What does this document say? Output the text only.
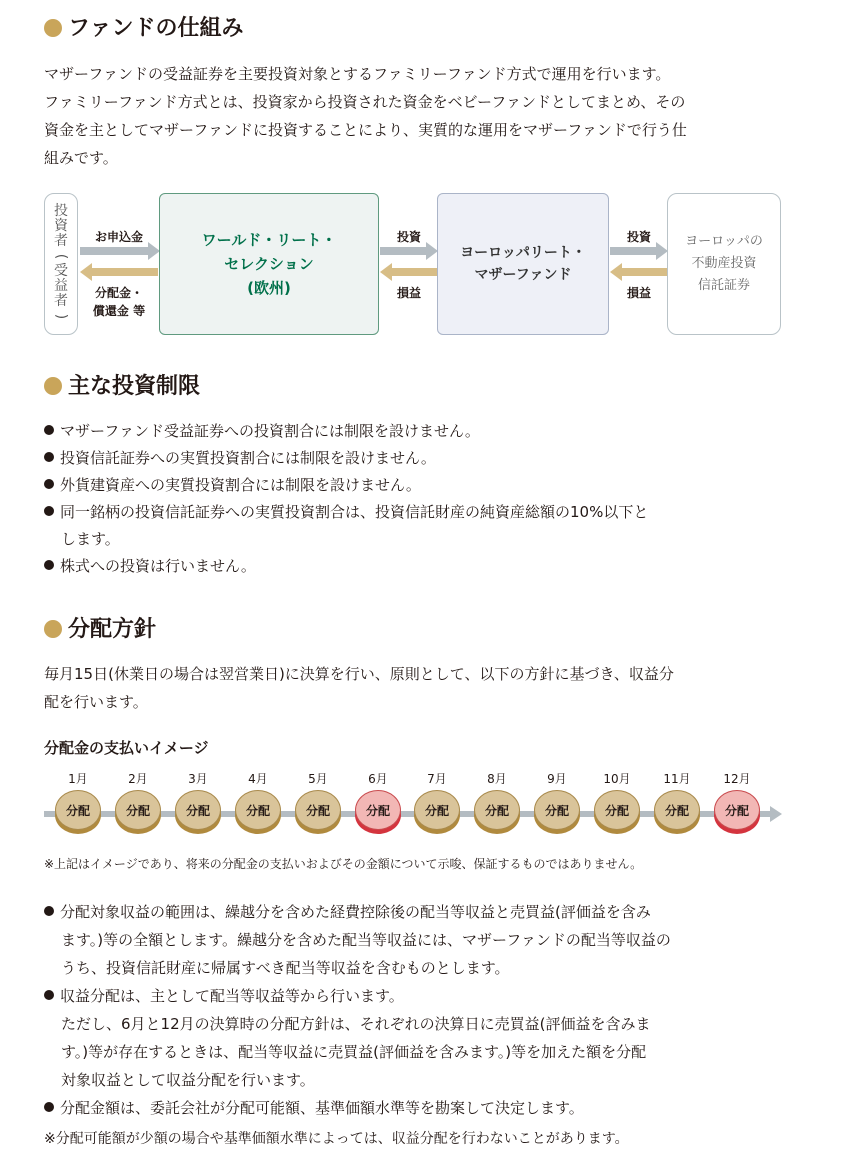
ファンドの仕組み
マザーファンドの受益証券を主要投資対象とするファミリーファンド方式で運用を行います。
ファミリーファンド方式とは、投資家から投資された資金をベビーファンドとしてまとめ、その
資金を主としてマザーファンドに投資することにより、実質的な運用をマザーファンドで行う仕
組みです。
投
資
者
(
受
益
者
)
お申込金
分配金・
償還金 等
ワールド・リート・
セレクション
(欧州)
投資
損益
ヨーロッパリート・
マザーファンド
投資
損益
ヨーロッパの
不動産投資
信託証券
主な投資制限
マザーファンド受益証券への投資割合には制限を設けません。
投資信託証券への実質投資割合には制限を設けません。
外貨建資産への実質投資割合には制限を設けません。
同一銘柄の投資信託証券への実質投資割合は、投資信託財産の純資産総額の10%以下と
します。
株式への投資は行いません。
分配方針
毎月15日(休業日の場合は翌営業日)に決算を行い、原則として、以下の方針に基づき、収益分
配を行います。
分配金の支払いイメージ
1月	2月	3月	4月	5月	6月	7月	8月	9月	10月	11月	12月
分配	分配	分配	分配	分配	分配	分配	分配	分配	分配	分配	分配
※上記はイメージであり、将来の分配金の支払いおよびその金額について示唆、保証するものではありません。
分配対象収益の範囲は、繰越分を含めた経費控除後の配当等収益と売買益(評価益を含み
ます。)等の全額とします。繰越分を含めた配当等収益には、マザーファンドの配当等収益の
うち、投資信託財産に帰属すべき配当等収益を含むものとします。
収益分配は、主として配当等収益等から行います。
ただし、6月と12月の決算時の分配方針は、それぞれの決算日に売買益(評価益を含みま
す。)等が存在するときは、配当等収益に売買益(評価益を含みます。)等を加えた額を分配
対象収益として収益分配を行います。
分配金額は、委託会社が分配可能額、基準価額水準等を勘案して決定します。
※分配可能額が少額の場合や基準価額水準によっては、収益分配を行わないことがあります。
